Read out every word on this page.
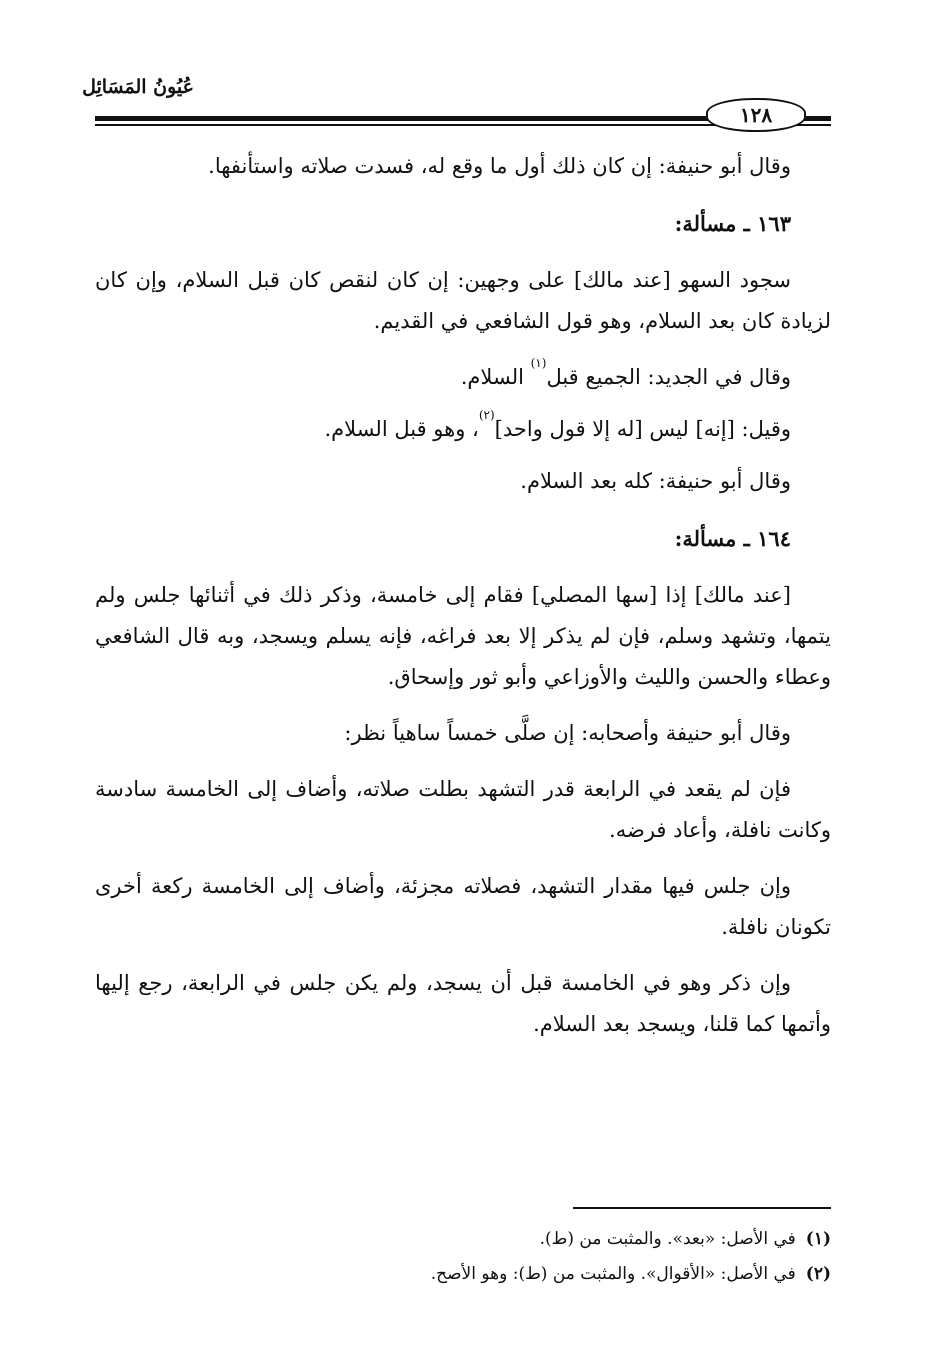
عُيُونُ المَسَائِل
١٢٨

وقال أبو حنيفة: إن كان ذلك أول ما وقع له، فسدت صلاته واستأنفها.

١٦٣ ـ مسألة:

سجود السهو [عند مالك] على وجهين: إن كان لنقص كان قبل السلام، وإن كان لزيادة كان بعد السلام، وهو قول الشافعي في القديم.

وقال في الجديد: الجميع قبل$^{(١)}$ السلام.

وقيل: [إنه] ليس [له إلا قول واحد]$^{(٢)}$، وهو قبل السلام.

وقال أبو حنيفة: كله بعد السلام.

١٦٤ ـ مسألة:

[عند مالك] إذا [سها المصلي] فقام إلى خامسة، وذكر ذلك في أثنائها جلس ولم يتمها، وتشهد وسلم، فإن لم يذكر إلا بعد فراغه، فإنه يسلم ويسجد، وبه قال الشافعي وعطاء والحسن والليث والأوزاعي وأبو ثور وإسحاق.

وقال أبو حنيفة وأصحابه: إن صلَّى خمساً ساهياً نظر:

فإن لم يقعد في الرابعة قدر التشهد بطلت صلاته، وأضاف إلى الخامسة سادسة وكانت نافلة، وأعاد فرضه.

وإن جلس فيها مقدار التشهد، فصلاته مجزئة، وأضاف إلى الخامسة ركعة أخرى تكونان نافلة.

وإن ذكر وهو في الخامسة قبل أن يسجد، ولم يكن جلس في الرابعة، رجع إليها وأتمها كما قلنا، ويسجد بعد السلام.

(١)في الأصل: «بعد». والمثبت من (ط).

(٢)في الأصل: «الأقوال». والمثبت من (ط): وهو الأصح.
